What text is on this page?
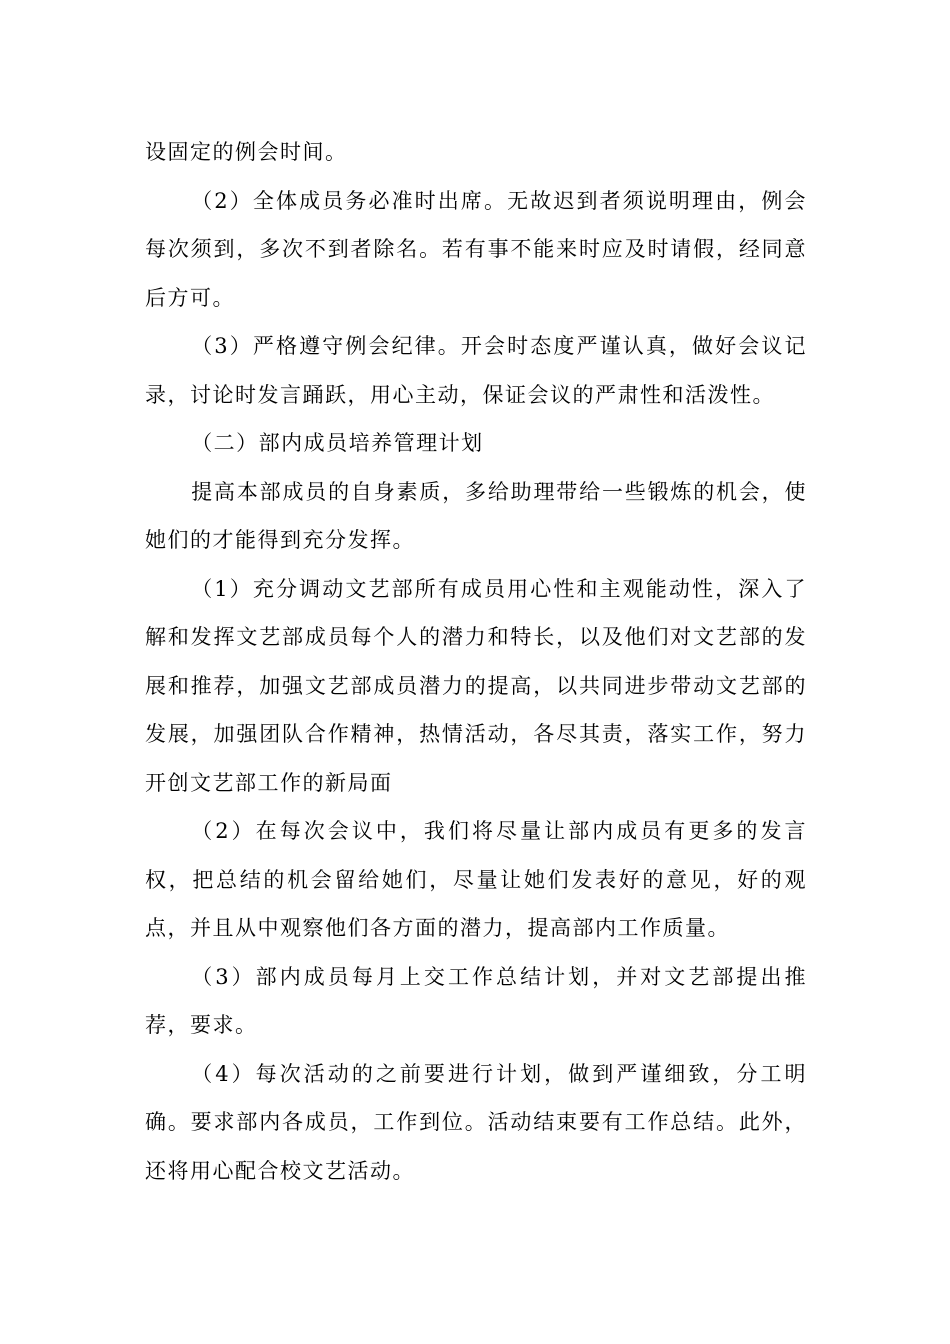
设固定的例会时间。

（2）全体成员务必准时出席。无故迟到者须说明理由，例会每次须到，多次不到者除名。若有事不能来时应及时请假，经同意后方可。

（3）严格遵守例会纪律。开会时态度严谨认真，做好会议记录，讨论时发言踊跃，用心主动，保证会议的严肃性和活泼性。

（二）部内成员培养管理计划

提高本部成员的自身素质，多给助理带给一些锻炼的机会，使她们的才能得到充分发挥。

（1）充分调动文艺部所有成员用心性和主观能动性，深入了解和发挥文艺部成员每个人的潜力和特长，以及他们对文艺部的发展和推荐，加强文艺部成员潜力的提高，以共同进步带动文艺部的发展，加强团队合作精神，热情活动，各尽其责，落实工作，努力开创文艺部工作的新局面

（2）在每次会议中，我们将尽量让部内成员有更多的发言权，把总结的机会留给她们，尽量让她们发表好的意见，好的观点，并且从中观察他们各方面的潜力，提高部内工作质量。

（3）部内成员每月上交工作总结计划，并对文艺部提出推荐，要求。

（4）每次活动的之前要进行计划，做到严谨细致，分工明确。要求部内各成员，工作到位。活动结束要有工作总结。此外，还将用心配合校文艺活动。
